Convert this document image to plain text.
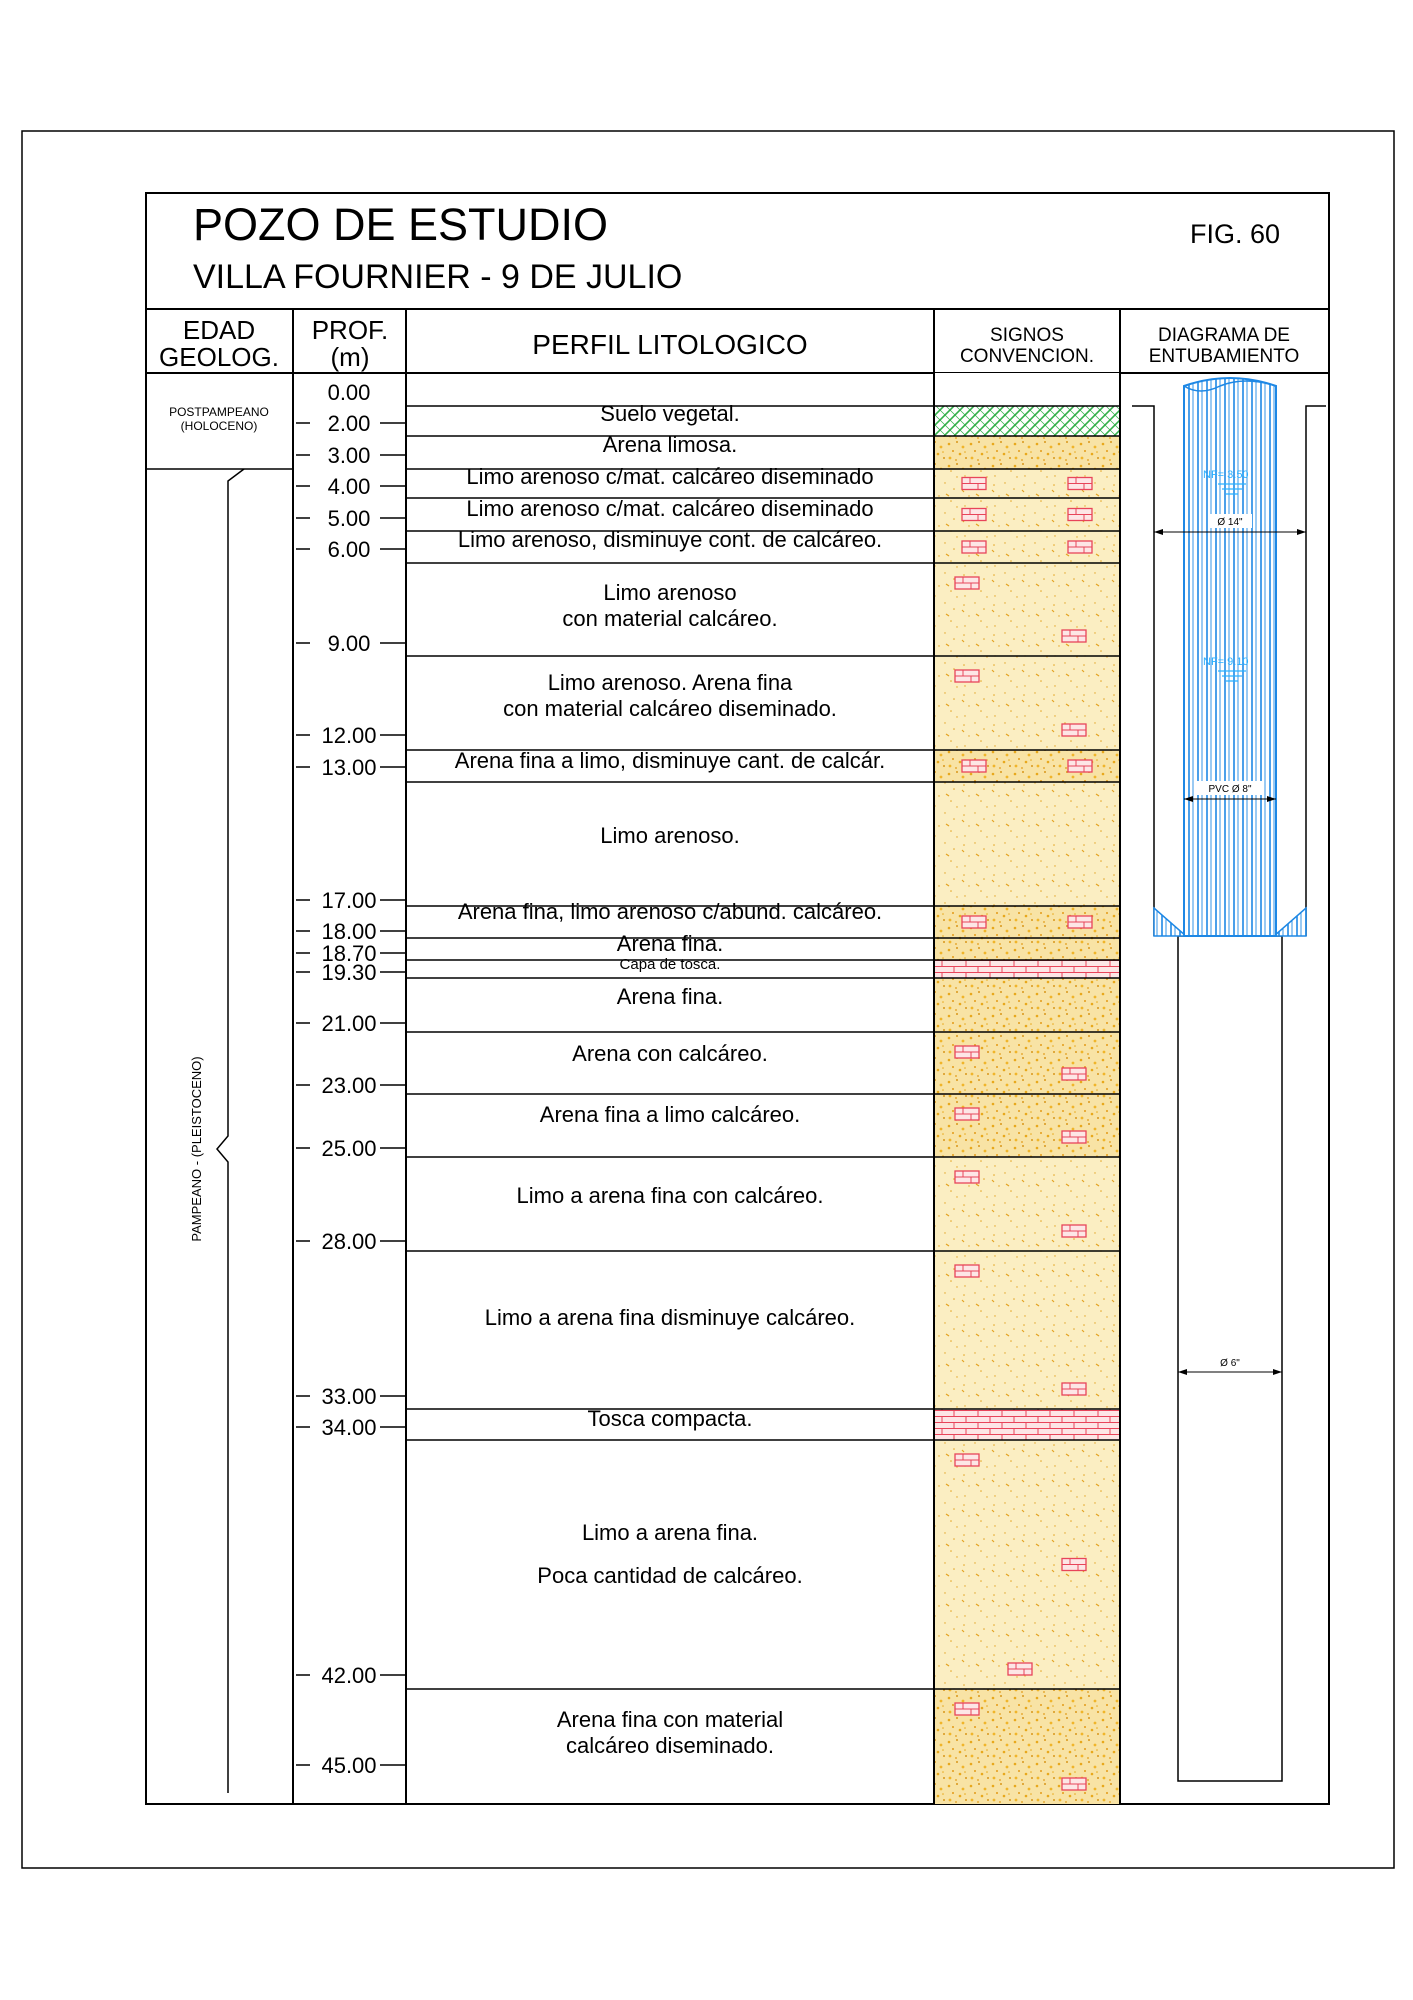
POZO DE ESTUDIO
VILLA FOURNIER - 9 DE JULIO
FIG. 60
EDAD
GEOLOG.
PROF.
(m)	PERFIL LITOLOGICO	SIGNOS
CONVENCION.
DIAGRAMA DE
ENTUBAMIENTO
POSTPAMPEANO
(HOLOCENO)
PAMPEANO - (PLEISTOCENO)
Suelo vegetal.
Arena limosa.
Limo arenoso c/mat. calcáreo diseminado
Limo arenoso c/mat. calcáreo diseminado
Limo arenoso, disminuye cont. de calcáreo.
Limo arenoso
con material calcáreo.
Limo arenoso. Arena fina
con material calcáreo diseminado.
Arena fina a limo, disminuye cant. de calcár.
Limo arenoso.
Arena fina, limo arenoso c/abund. calcáreo.
Arena fina.
Capa de tosca.
Arena fina.
Arena con calcáreo.
Arena fina a limo calcáreo.
Limo a arena fina con calcáreo.
Limo a arena fina disminuye calcáreo.
Tosca compacta.
Limo a arena fina.
Poca cantidad de calcáreo.
Arena fina con material
calcáreo diseminado.
0.00
2.00
3.00
4.00
5.00
6.00
9.00
12.00
13.00
17.00
18.00
18.70
19.30
21.00
23.00
25.00
28.00
33.00
34.00
42.00
45.00
NF= 3.50
NF= 9.10
Ø 14"
PVC Ø 8"
Ø 6"
